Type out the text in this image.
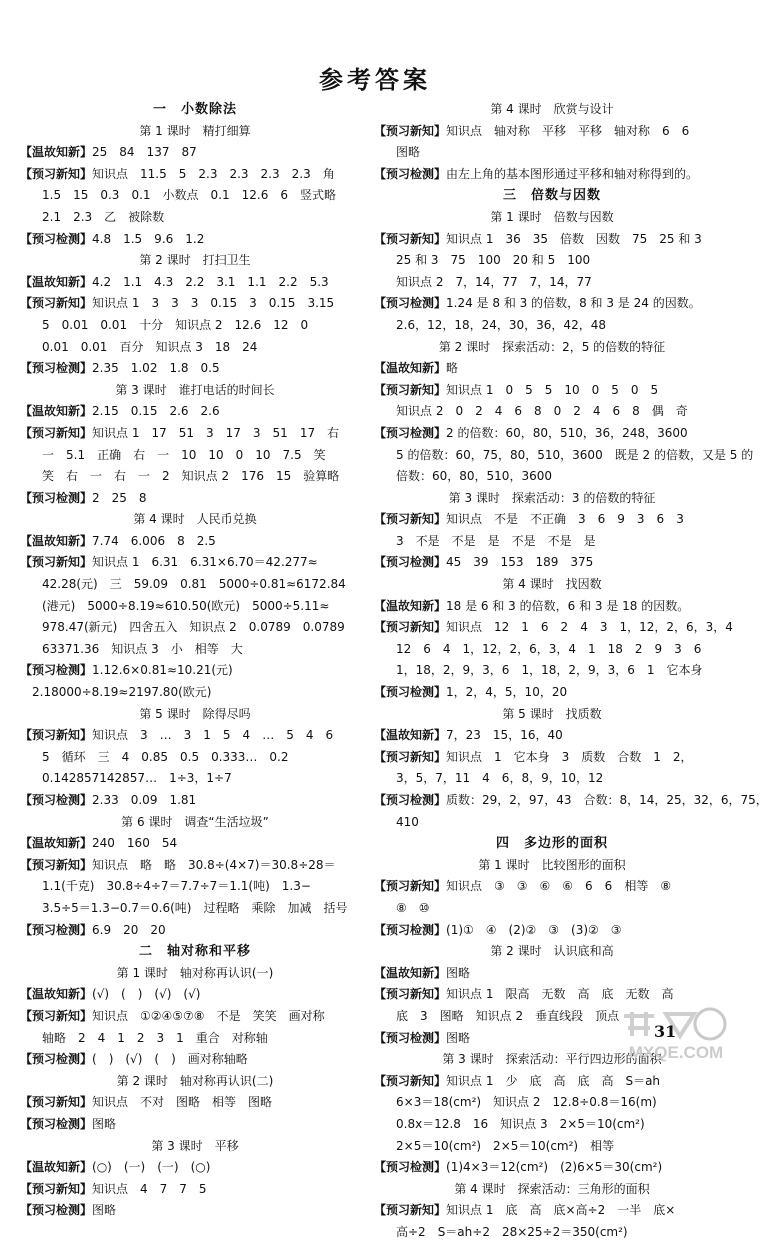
参考答案
一　小数除法
第 1 课时　精打细算
【温故知新】25　84　137　87
【预习新知】知识点　11.5　5　2.3　2.3　2.3　2.3　角
1.5　15　0.3　0.1　小数点　0.1　12.6　6　竖式略
2.1　2.3　乙　被除数
【预习检测】4.8　1.5　9.6　1.2
第 2 课时　打扫卫生
【温故知新】4.2　1.1　4.3　2.2　3.1　1.1　2.2　5.3
【预习新知】知识点 1　3　3　3　0.15　3　0.15　3.15
5　0.01　0.01　十分　知识点 2　12.6　12　0
0.01　0.01　百分　知识点 3　18　24
【预习检测】2.35　1.02　1.8　0.5
第 3 课时　谁打电话的时间长
【温故知新】2.15　0.15　2.6　2.6
【预习新知】知识点 1　17　51　3　17　3　51　17　右
一　5.1　正确　右　一　10　10　0　10　7.5　笑
笑　右　一　右　一　2　知识点 2　176　15　验算略
【预习检测】2　25　8
第 4 课时　人民币兑换
【温故知新】7.74　6.006　8　2.5
【预习新知】知识点 1　6.31　6.31×6.70＝42.277≈
42.28(元)　三　59.09　0.81　5000÷0.81≈6172.84
(港元)　5000÷8.19≈610.50(欧元)　5000÷5.11≈
978.47(新元)　四舍五入　知识点 2　0.0789　0.0789
63371.36　知识点 3　小　相等　大
【预习检测】1.12.6×0.81≈10.21(元)
2.18000÷8.19≈2197.80(欧元)
第 5 课时　除得尽吗
【预习新知】知识点　3　…　3　1　5　4　…　5　4　6
5　循环　三　4　0.85　0.5　0.333…　0.2
0.142857142857…　1÷3，1÷7
【预习检测】2.33　0.09　1.81
第 6 课时　调查“生活垃圾”
【温故知新】240　160　54
【预习新知】知识点　略　略　30.8÷(4×7)＝30.8÷28＝
1.1(千克)　30.8÷4÷7＝7.7÷7＝1.1(吨)　1.3−
3.5÷5＝1.3−0.7＝0.6(吨)　过程略　乘除　加减　括号
【预习检测】6.9　20　20
二　轴对称和平移
第 1 课时　轴对称再认识(一)
【温故知新】(√)　(　)　(√)　(√)
【预习新知】知识点　①②④⑤⑦⑧　不是　笑笑　画对称
轴略　2　4　1　2　3　1　重合　对称轴
【预习检测】(　)　(√)　(　)　画对称轴略
第 2 课时　轴对称再认识(二)
【预习新知】知识点　不对　图略　相等　图略
【预习检测】图略
第 3 课时　平移
【温故知新】(○)　(一)　(一)　(○)
【预习新知】知识点　4　7　7　5
【预习检测】图略
第 4 课时　欣赏与设计
【预习新知】知识点　轴对称　平移　平移　轴对称　6　6
图略
【预习检测】由左上角的基本图形通过平移和轴对称得到的。
三　倍数与因数
第 1 课时　倍数与因数
【预习新知】知识点 1　36　35　倍数　因数　75　25 和 3
25 和 3　75　100　20 和 5　100
知识点 2　7，14，77　7，14，77
【预习检测】1.24 是 8 和 3 的倍数，8 和 3 是 24 的因数。
2.6，12，18，24，30，36，42，48
第 2 课时　探索活动：2，5 的倍数的特征
【温故知新】略
【预习新知】知识点 1　0　5　5　10　0　5　0　5
知识点 2　0　2　4　6　8　0　2　4　6　8　偶　奇
【预习检测】2 的倍数：60，80，510，36，248，3600
5 的倍数：60，75，80，510，3600　既是 2 的倍数，又是 5 的
倍数：60，80，510，3600
第 3 课时　探索活动：3 的倍数的特征
【预习新知】知识点　不是　不正确　3　6　9　3　6　3
3　不是　不是　是　不是　不是　是
【预习检测】45　39　153　189　375
第 4 课时　找因数
【温故知新】18 是 6 和 3 的倍数，6 和 3 是 18 的因数。
【预习新知】知识点　12　1　6　2　4　3　1，12，2，6，3，4
12　6　4　1，12，2，6，3，4　1　18　2　9　3　6
1，18，2，9，3，6　1，18，2，9，3，6　1　它本身
【预习检测】1，2，4，5，10，20
第 5 课时　找质数
【温故知新】7，23　15，16，40
【预习新知】知识点　1　它本身　3　质数　合数　1　2，
3，5，7，11　4　6，8，9，10，12
【预习检测】质数：29，2，97，43　合数：8，14，25，32，6，75，
410
四　多边形的面积
第 1 课时　比较图形的面积
【预习新知】知识点　③　③　⑥　⑥　6　6　相等　⑧
⑧　⑩
【预习检测】(1)①　④　(2)②　③　(3)②　③
第 2 课时　认识底和高
【温故知新】图略
【预习新知】知识点 1　限高　无数　高　底　无数　高
底　3　图略　知识点 2　垂直线段　顶点
【预习检测】图略
第 3 课时　探索活动：平行四边形的面积
【预习新知】知识点 1　少　底　高　底　高　S＝ah
6×3＝18(cm²)　知识点 2　12.8÷0.8＝16(m)
0.8x＝12.8　16　知识点 3　2×5＝10(cm²)
2×5＝10(cm²)　2×5＝10(cm²)　相等
【预习检测】(1)4×3＝12(cm²)　(2)6×5＝30(cm²)
第 4 课时　探索活动：三角形的面积
【预习新知】知识点 1　底　高　底×高÷2　一半　底×
高÷2　S＝ah÷2　28×25÷2＝350(cm²)
MXQE.COM
31
